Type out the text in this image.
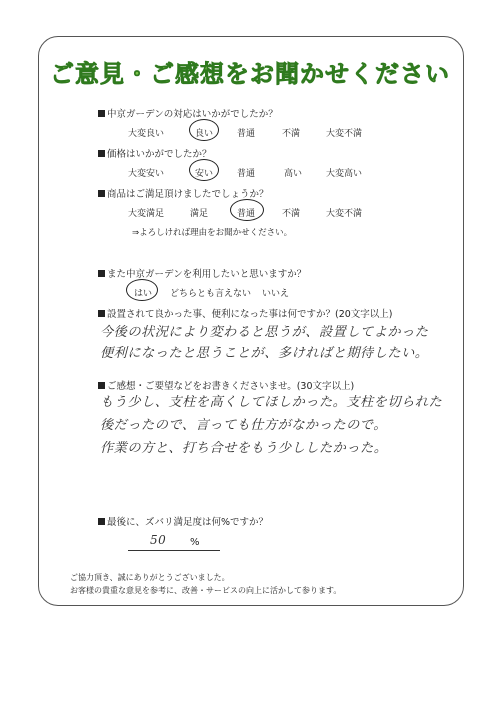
ご意見・ご感想をお聞かせください
中京ガーデンの対応はいかがでしたか？
大変良い	良い	普通	不満	大変不満
価格はいかがでしたか？
大変安い	安い	普通	高い	大変高い
商品はご満足頂けましたでしょうか？
大変満足	満足	普通	不満	大変不満
⇒よろしければ理由をお聞かせください。
また中京ガーデンを利用したいと思いますか？
はい どちらとも言えない いいえ
設置されて良かった事、便利になった事は何ですか？(20文字以上)
今後の状況により変わると思うが、設置してよかった
便利になったと思うことが、多ければと期待したい。
ご感想・ご要望などをお書きくださいませ。(30文字以上)
もう少し、支柱を高くしてほしかった。支柱を切られた
後だったので、言っても仕方がなかったので。
作業の方と、打ち合せをもう少ししたかった。
最後に、ズバリ満足度は何%ですか？
50 %
ご協力頂き、誠にありがとうございました。
お客様の貴重な意見を参考に、改善・サービスの向上に活かして参ります。
